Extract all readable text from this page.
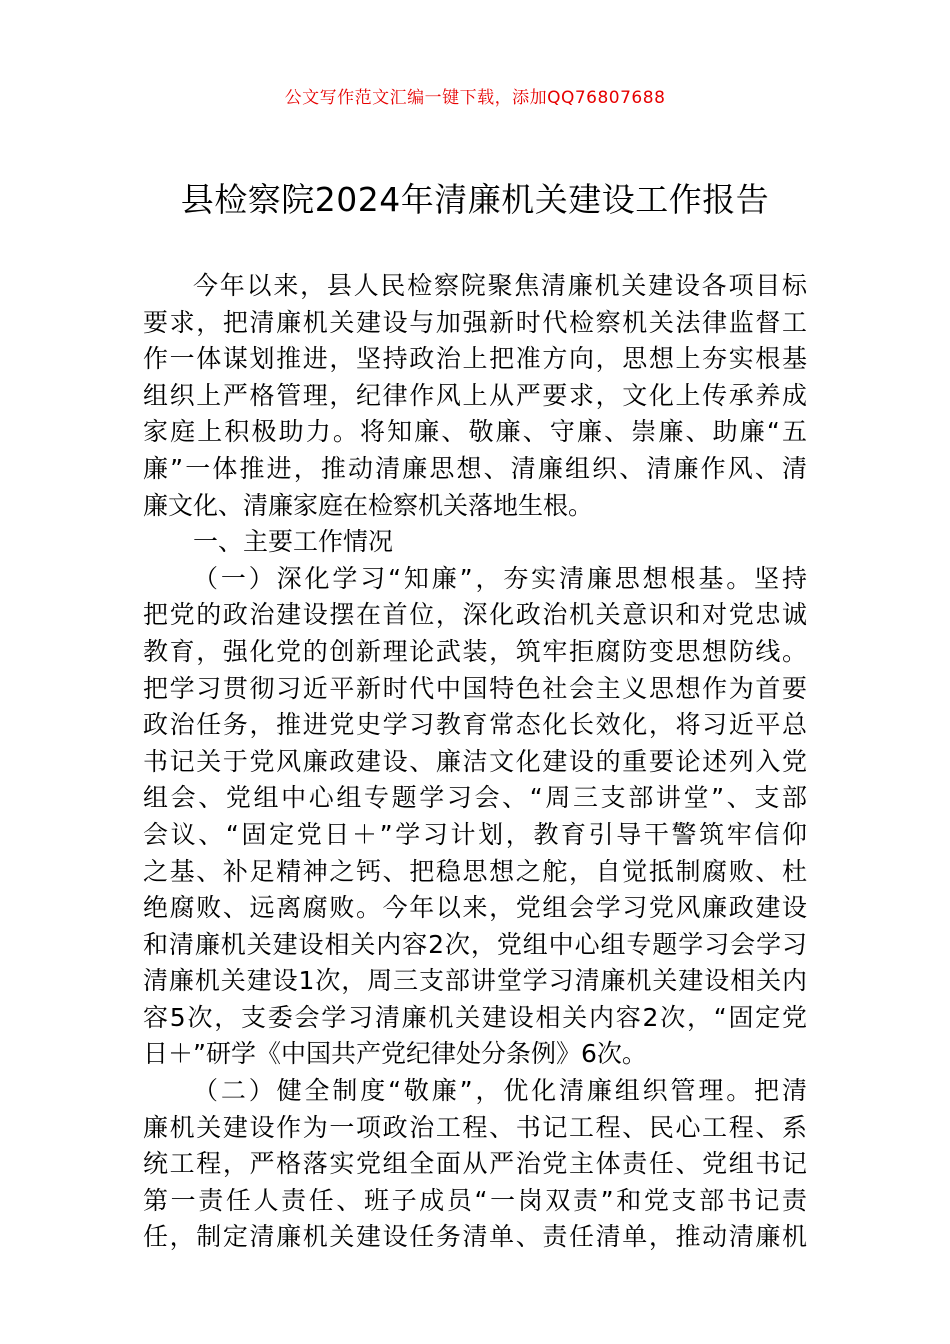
公文写作范文汇编一键下载，添加QQ76807688
县检察院2024年清廉机关建设工作报告
今年以来，县人民检察院聚焦清廉机关建设各项目标
要求，把清廉机关建设与加强新时代检察机关法律监督工
作一体谋划推进，坚持政治上把准方向，思想上夯实根基
组织上严格管理，纪律作风上从严要求，文化上传承养成
家庭上积极助力。将知廉、敬廉、守廉、崇廉、助廉“五
廉”一体推进，推动清廉思想、清廉组织、清廉作风、清
廉文化、清廉家庭在检察机关落地生根。
一、主要工作情况
（一）深化学习“知廉”，夯实清廉思想根基。坚持
把党的政治建设摆在首位，深化政治机关意识和对党忠诚
教育，强化党的创新理论武装，筑牢拒腐防变思想防线。
把学习贯彻习近平新时代中国特色社会主义思想作为首要
政治任务，推进党史学习教育常态化长效化，将习近平总
书记关于党风廉政建设、廉洁文化建设的重要论述列入党
组会、党组中心组专题学习会、“周三支部讲堂”、支部
会议、“固定党日＋”学习计划，教育引导干警筑牢信仰
之基、补足精神之钙、把稳思想之舵，自觉抵制腐败、杜
绝腐败、远离腐败。今年以来，党组会学习党风廉政建设
和清廉机关建设相关内容2次，党组中心组专题学习会学习
清廉机关建设1次，周三支部讲堂学习清廉机关建设相关内
容5次，支委会学习清廉机关建设相关内容2次，“固定党
日＋”研学《中国共产党纪律处分条例》6次。
（二）健全制度“敬廉”，优化清廉组织管理。把清
廉机关建设作为一项政治工程、书记工程、民心工程、系
统工程，严格落实党组全面从严治党主体责任、党组书记
第一责任人责任、班子成员“一岗双责”和党支部书记责
任，制定清廉机关建设任务清单、责任清单，推动清廉机
